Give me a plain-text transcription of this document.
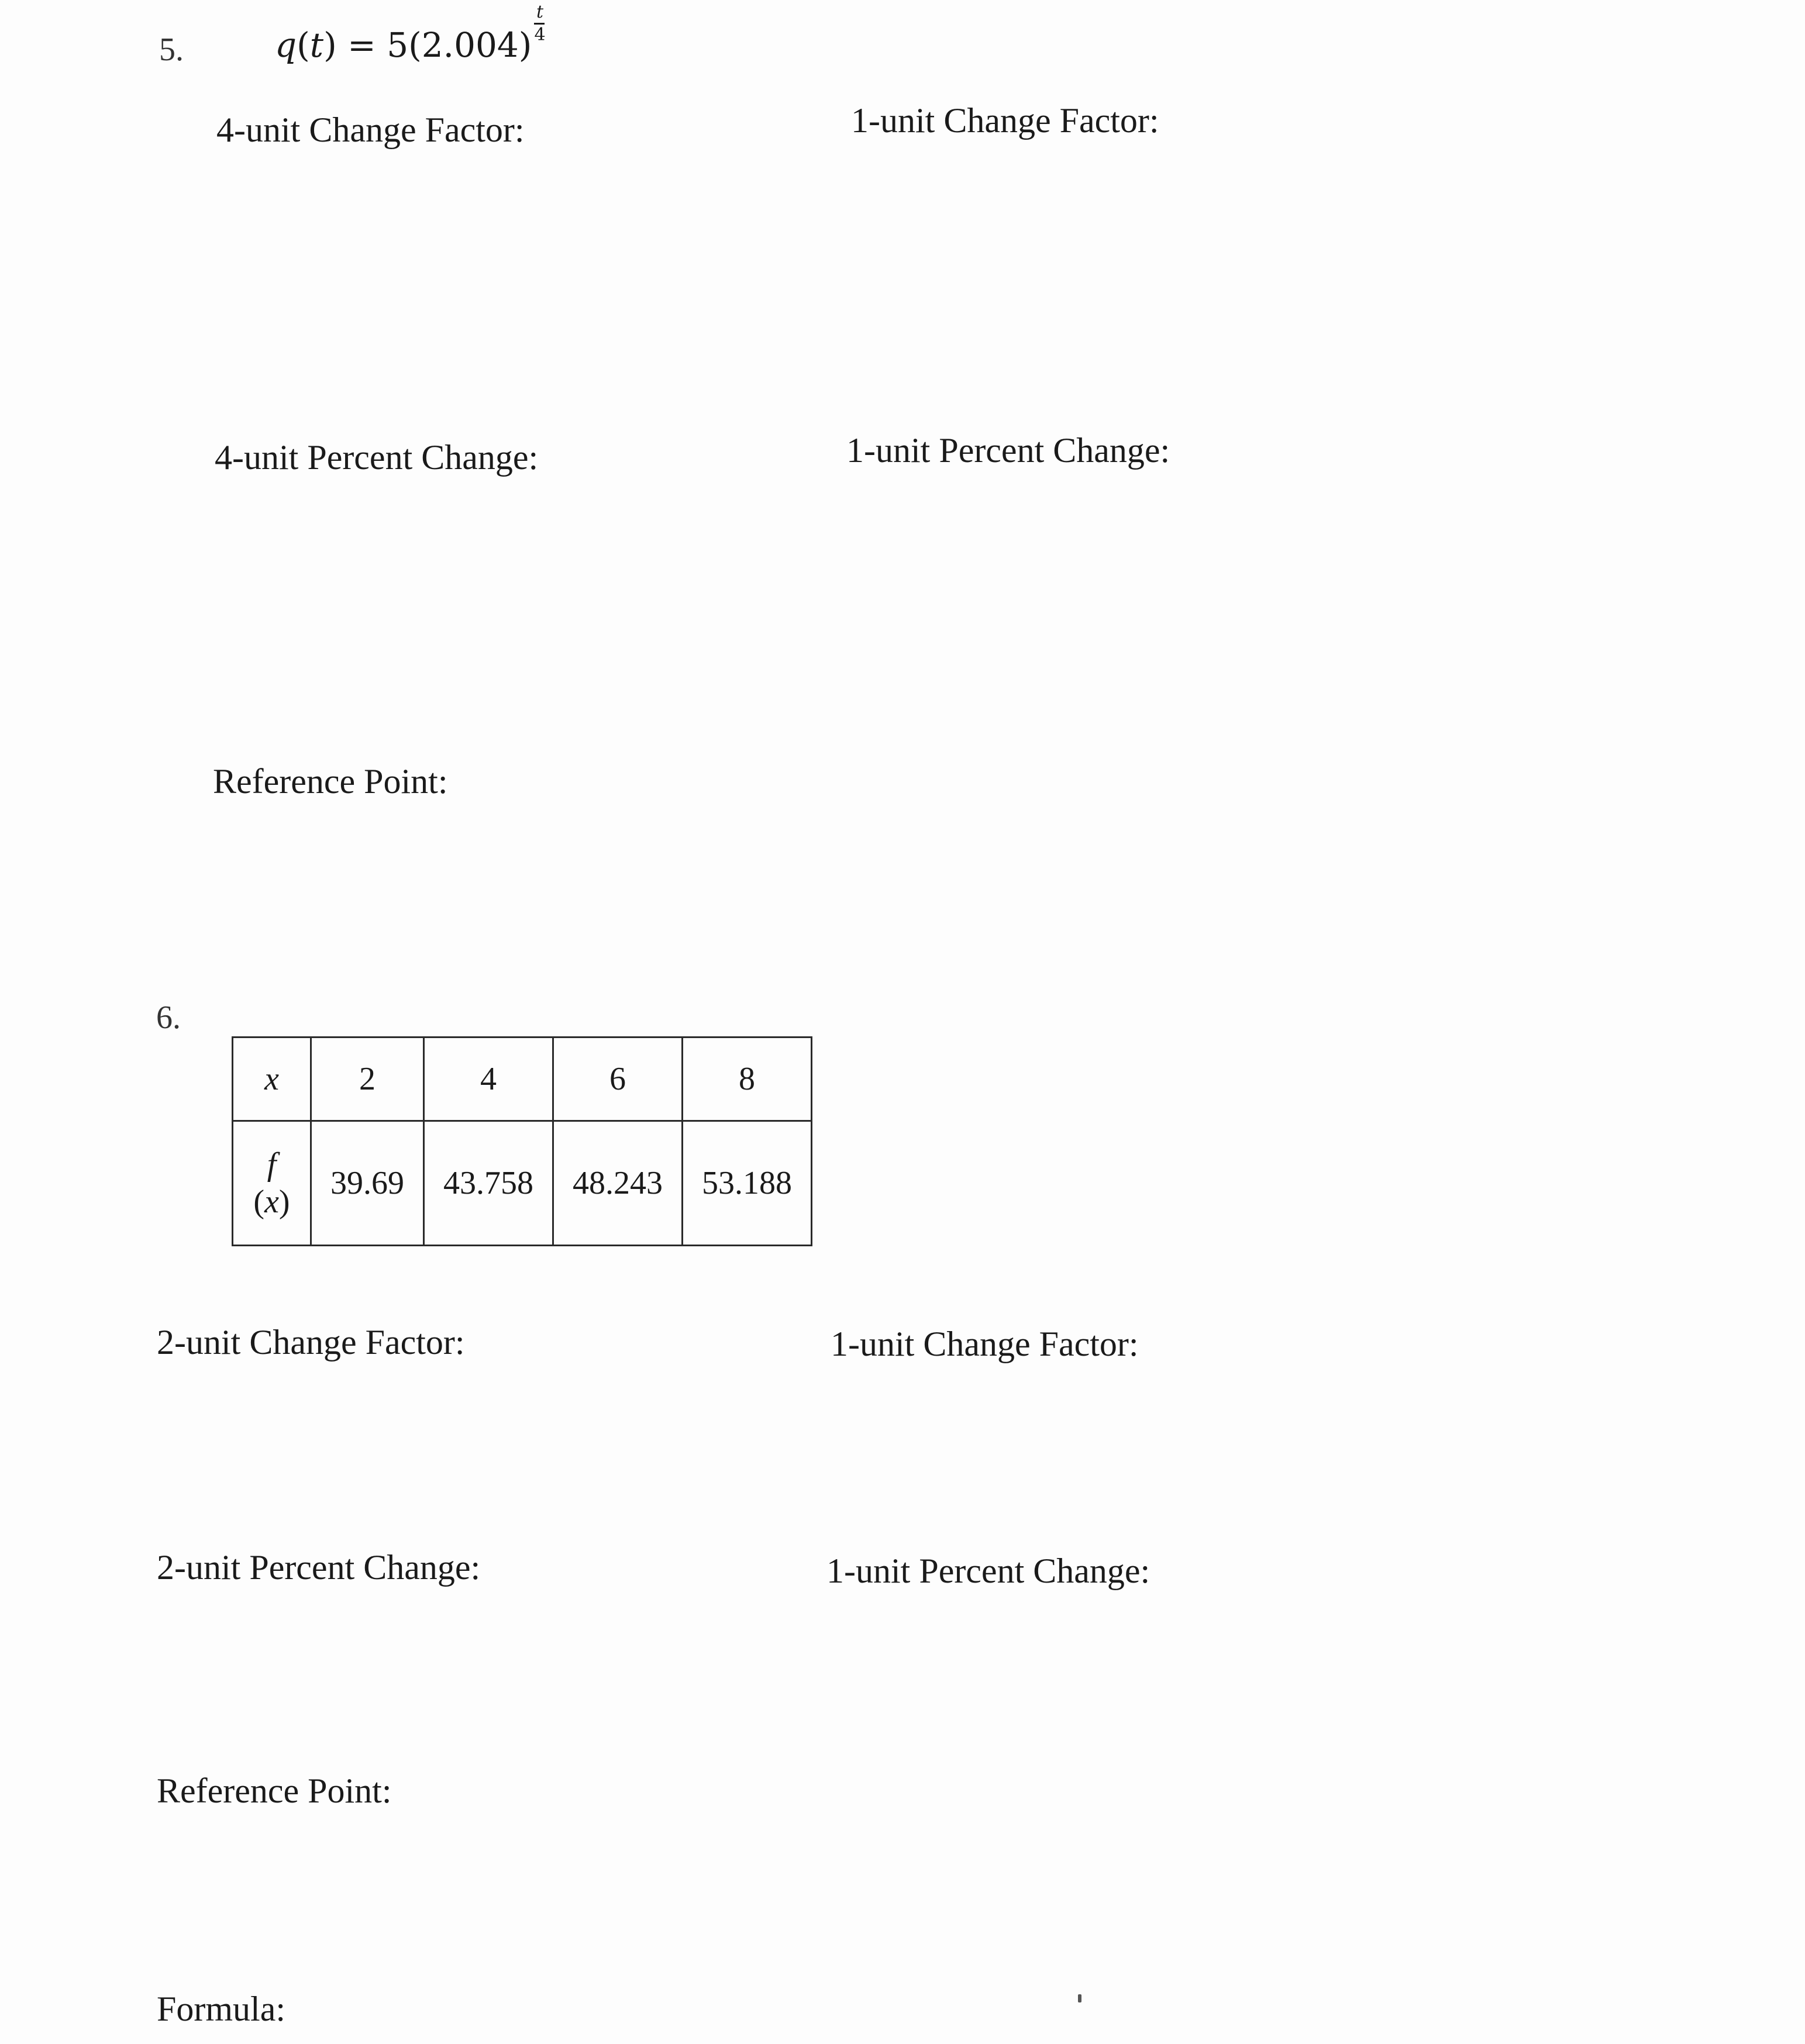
5.	q(t) = 5(2.004)
$\frac{t}{4}$
4-unit Change Factor:	1-unit Change Factor:
4-unit Percent Change:	1-unit Percent Change:
Reference Point:
6.
x	2	4	6	8

f
(x)	39.69	43.758	48.243	53.188
2-unit Change Factor:	1-unit Change Factor:
2-unit Percent Change:	1-unit Percent Change:
Reference Point:
Formula:
